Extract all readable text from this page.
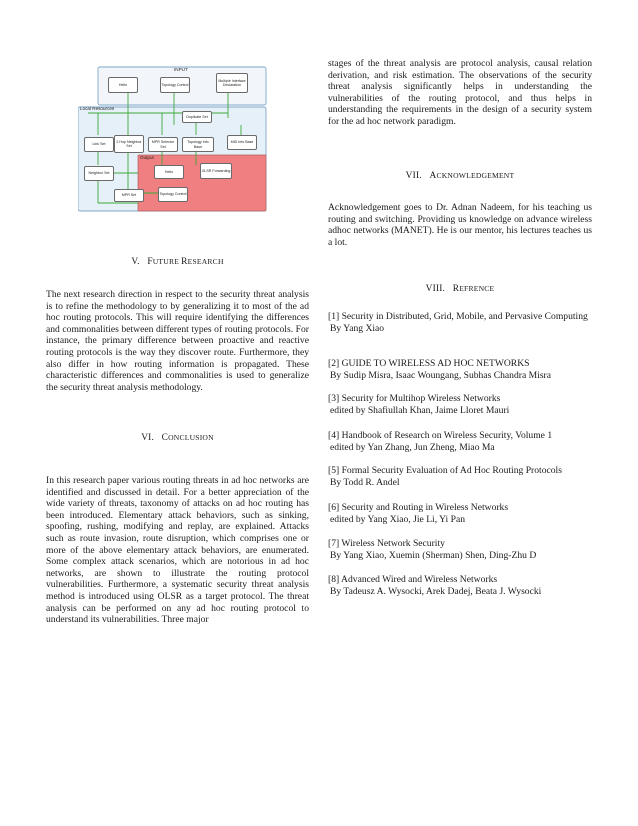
INPUT
Local Resources
Output
Hello	Topology Control
Multiple Interface Declaration
Duplicate Set
Link Set
2 Hop Neighbor Set
MPR Selector Set
Topology Info Base
MID Info Base
Neighbor Set	Hello	OLSR Forwarding
MPR Set	Topology Control
V. FUTURE RESEARCH

The next research direction in respect to the security threat analysis is to refine the methodology to by generalizing it to most of the ad hoc routing protocols. This will require identifying the differences and commonalities between different types of routing protocols. For instance, the primary difference between proactive and reactive routing protocols is the way they discover route. Furthermore, they also differ in how routing information is propagated. These characteristic differences and commonalities is used to generalize the security threat analysis methodology.

VI. CONCLUSION

In this research paper various routing threats in ad hoc networks are identified and discussed in detail. For a better appreciation of the wide variety of threats, taxonomy of attacks on ad hoc routing has been introduced. Elementary attack behaviors, such as sinking, spoofing, rushing, modifying and replay, are explained. Attacks such as route invasion, route disruption, which comprises one or more of the above elementary attack behaviors, are enumerated. Some complex attack scenarios, which are notorious in ad hoc networks, are shown to illustrate the routing protocol vulnerabilities. Furthermore, a systematic security threat analysis method is introduced using OLSR as a target protocol. The threat analysis can be performed on any ad hoc routing protocol to understand its vulnerabilities. Three major

stages of the threat analysis are protocol analysis, causal relation derivation, and risk estimation. The observations of the security threat analysis significantly helps in understanding the vulnerabilities of the routing protocol, and thus helps in understanding the requirements in the design of a security system for the ad hoc network paradigm.

VII. ACKNOWLEDGEMENT

Acknowledgement goes to Dr. Adnan Nadeem, for his teaching us routing and switching. Providing us knowledge on advance wireless adhoc networks (MANET). He is our mentor, his lectures teaches us a lot.

VIII. REFRENCE
[1] Security in Distributed, Grid, Mobile, and Pervasive Computing
By Yang Xiao
[2] GUIDE TO WIRELESS AD HOC NETWORKS
By Sudip Misra, Isaac Woungang, Subhas Chandra Misra
[3] Security for Multihop Wireless Networks
edited by Shafiullah Khan, Jaime Lloret Mauri
[4] Handbook of Research on Wireless Security, Volume 1
edited by Yan Zhang, Jun Zheng, Miao Ma
[5] Formal Security Evaluation of Ad Hoc Routing Protocols
By Todd R. Andel
[6] Security and Routing in Wireless Networks
edited by Yang Xiao, Jie Li, Yi Pan
[7] Wireless Network Security
By Yang Xiao, Xuemin (Sherman) Shen, Ding-Zhu D
[8] Advanced Wired and Wireless Networks
By Tadeusz A. Wysocki, Arek Dadej, Beata J. Wysocki
